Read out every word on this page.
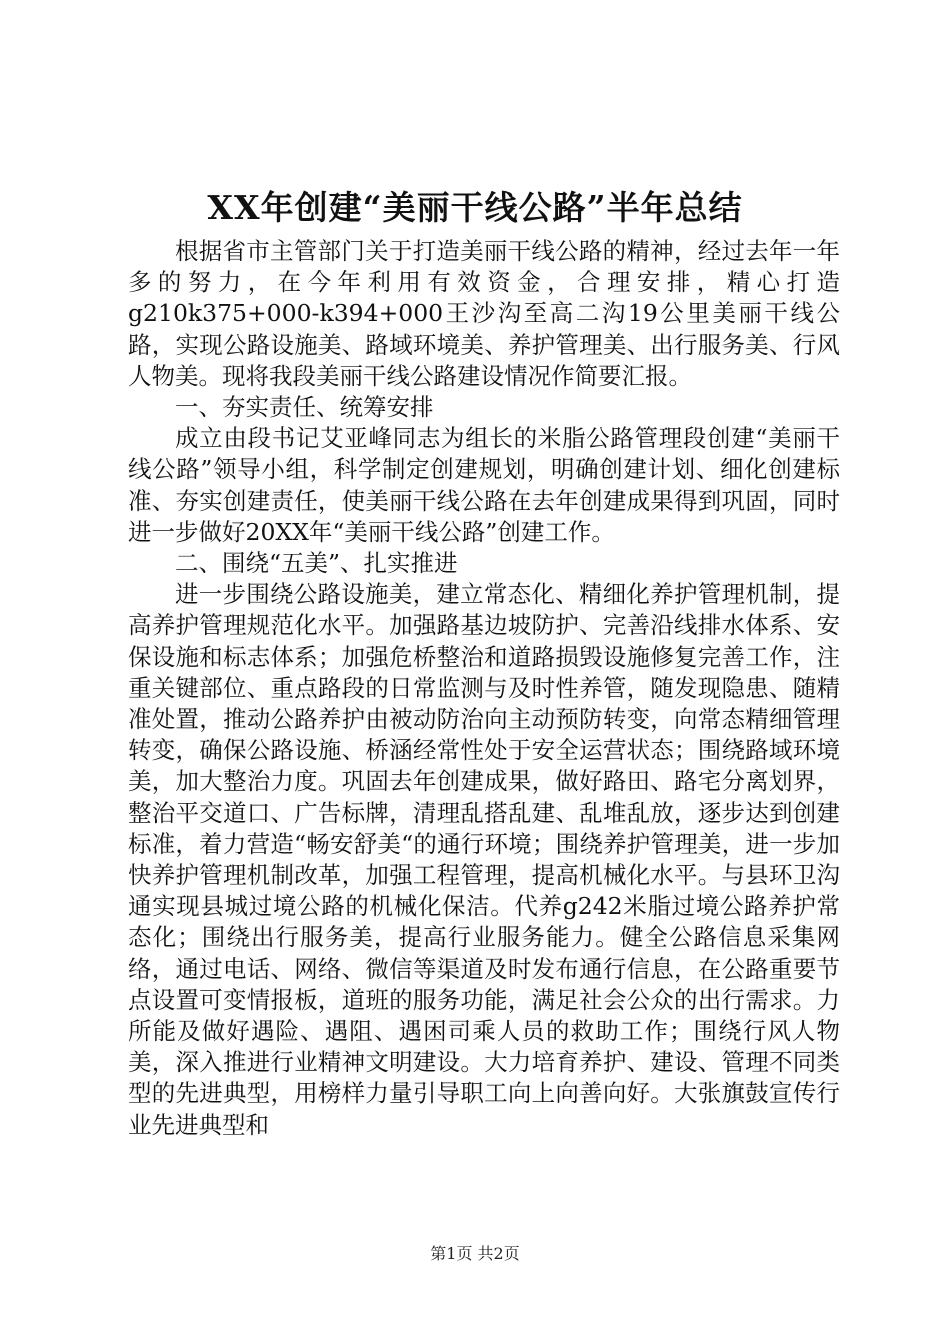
XX年创建“美丽干线公路”半年总结

根据省市主管部门关于打造美丽干线公路的精神，经过去年一年多的努力，在今年利用有效资金，合理安排，精心打造g210k375+000-k394+000王沙沟至高二沟19公里美丽干线公路，实现公路设施美、路域环境美、养护管理美、出行服务美、行风人物美。现将我段美丽干线公路建设情况作简要汇报。

一、夯实责任、统筹安排

成立由段书记艾亚峰同志为组长的米脂公路管理段创建“美丽干线公路”领导小组，科学制定创建规划，明确创建计划、细化创建标准、夯实创建责任，使美丽干线公路在去年创建成果得到巩固，同时进一步做好20XX年“美丽干线公路”创建工作。

二、围绕“五美”、扎实推进

进一步围绕公路设施美，建立常态化、精细化养护管理机制，提高养护管理规范化水平。加强路基边坡防护、完善沿线排水体系、安保设施和标志体系；加强危桥整治和道路损毁设施修复完善工作，注重关键部位、重点路段的日常监测与及时性养管，随发现隐患、随精准处置，推动公路养护由被动防治向主动预防转变，向常态精细管理转变，确保公路设施、桥涵经常性处于安全运营状态；围绕路域环境美，加大整治力度。巩固去年创建成果，做好路田、路宅分离划界，整治平交道口、广告标牌，清理乱搭乱建、乱堆乱放，逐步达到创建标准，着力营造“畅安舒美“的通行环境；围绕养护管理美，进一步加快养护管理机制改革，加强工程管理，提高机械化水平。与县环卫沟通实现县城过境公路的机械化保洁。代养g242米脂过境公路养护常态化；围绕出行服务美，提高行业服务能力。健全公路信息采集网络，通过电话、网络、微信等渠道及时发布通行信息，在公路重要节点设置可变情报板，道班的服务功能，满足社会公众的出行需求。力所能及做好遇险、遇阻、遇困司乘人员的救助工作；围绕行风人物美，深入推进行业精神文明建设。大力培育养护、建设、管理不同类型的先进典型，用榜样力量引导职工向上向善向好。大张旗鼓宣传行业先进典型和

第1页 共2页
